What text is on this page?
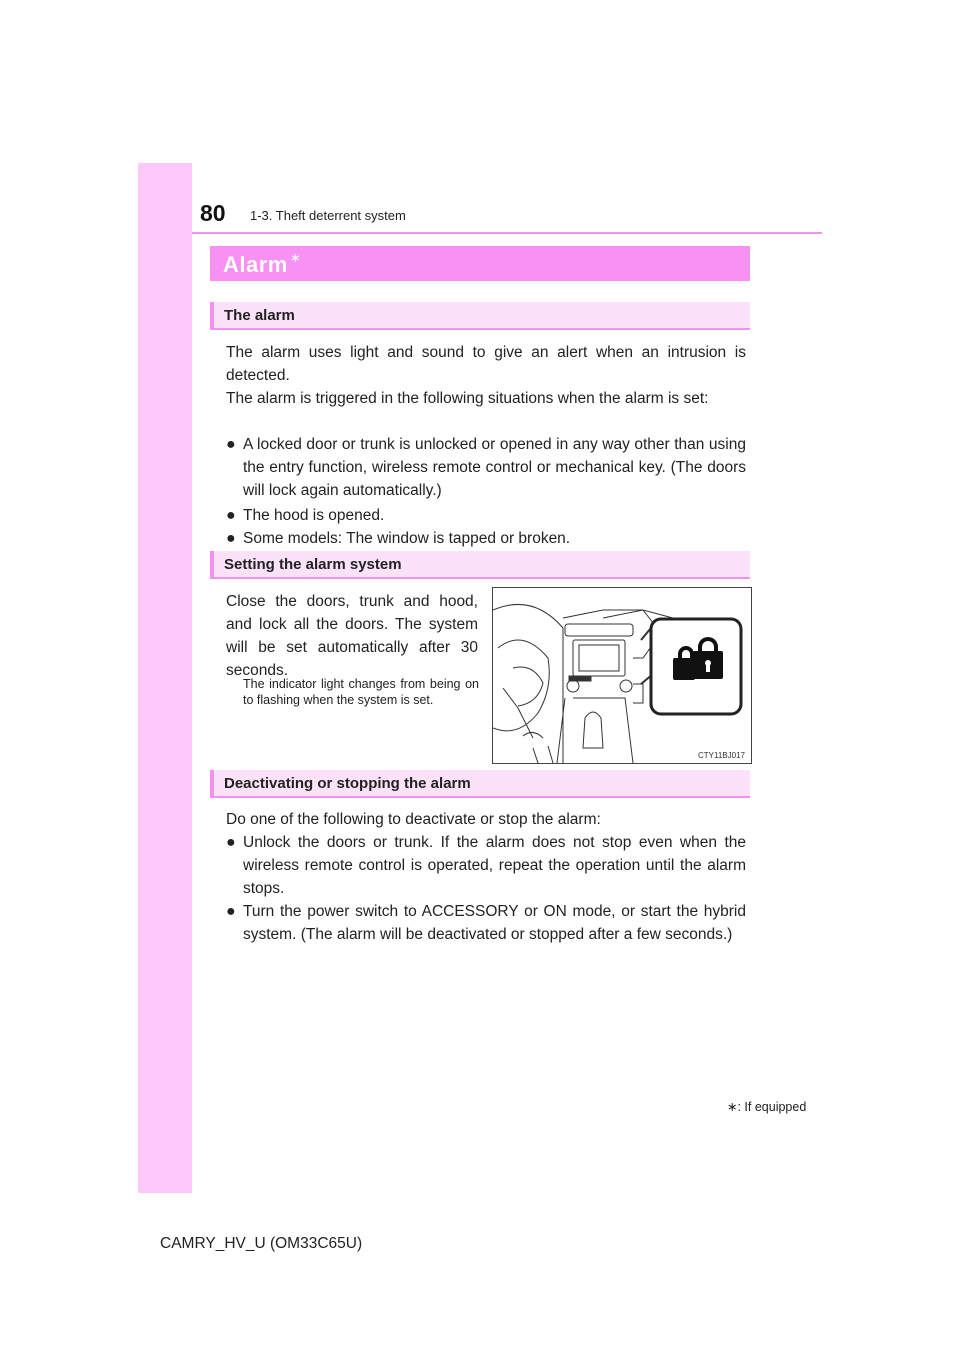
80 1-3. Theft deterrent system
Alarm ∗
The alarm
The alarm uses light and sound to give an alert when an intrusion is detected.
The alarm is triggered in the following situations when the alarm is set:
● A locked door or trunk is unlocked or opened in any way other than using the entry function, wireless remote control or mechanical key. (The doors will lock again automatically.)
● The hood is opened.
● Some models: The window is tapped or broken.
Setting the alarm system
Close the doors, trunk and hood, and lock all the doors. The system will be set automatically after 30 seconds.
The indicator light changes from being on to flashing when the system is set.
CTY11BJ017
Deactivating or stopping the alarm
Do one of the following to deactivate or stop the alarm:
● Unlock the doors or trunk. If the alarm does not stop even when the wireless remote control is operated, repeat the operation until the alarm stops.
● Turn the power switch to ACCESSORY or ON mode, or start the hybrid system. (The alarm will be deactivated or stopped after a few seconds.)
∗: If equipped
CAMRY_HV_U (OM33C65U)
